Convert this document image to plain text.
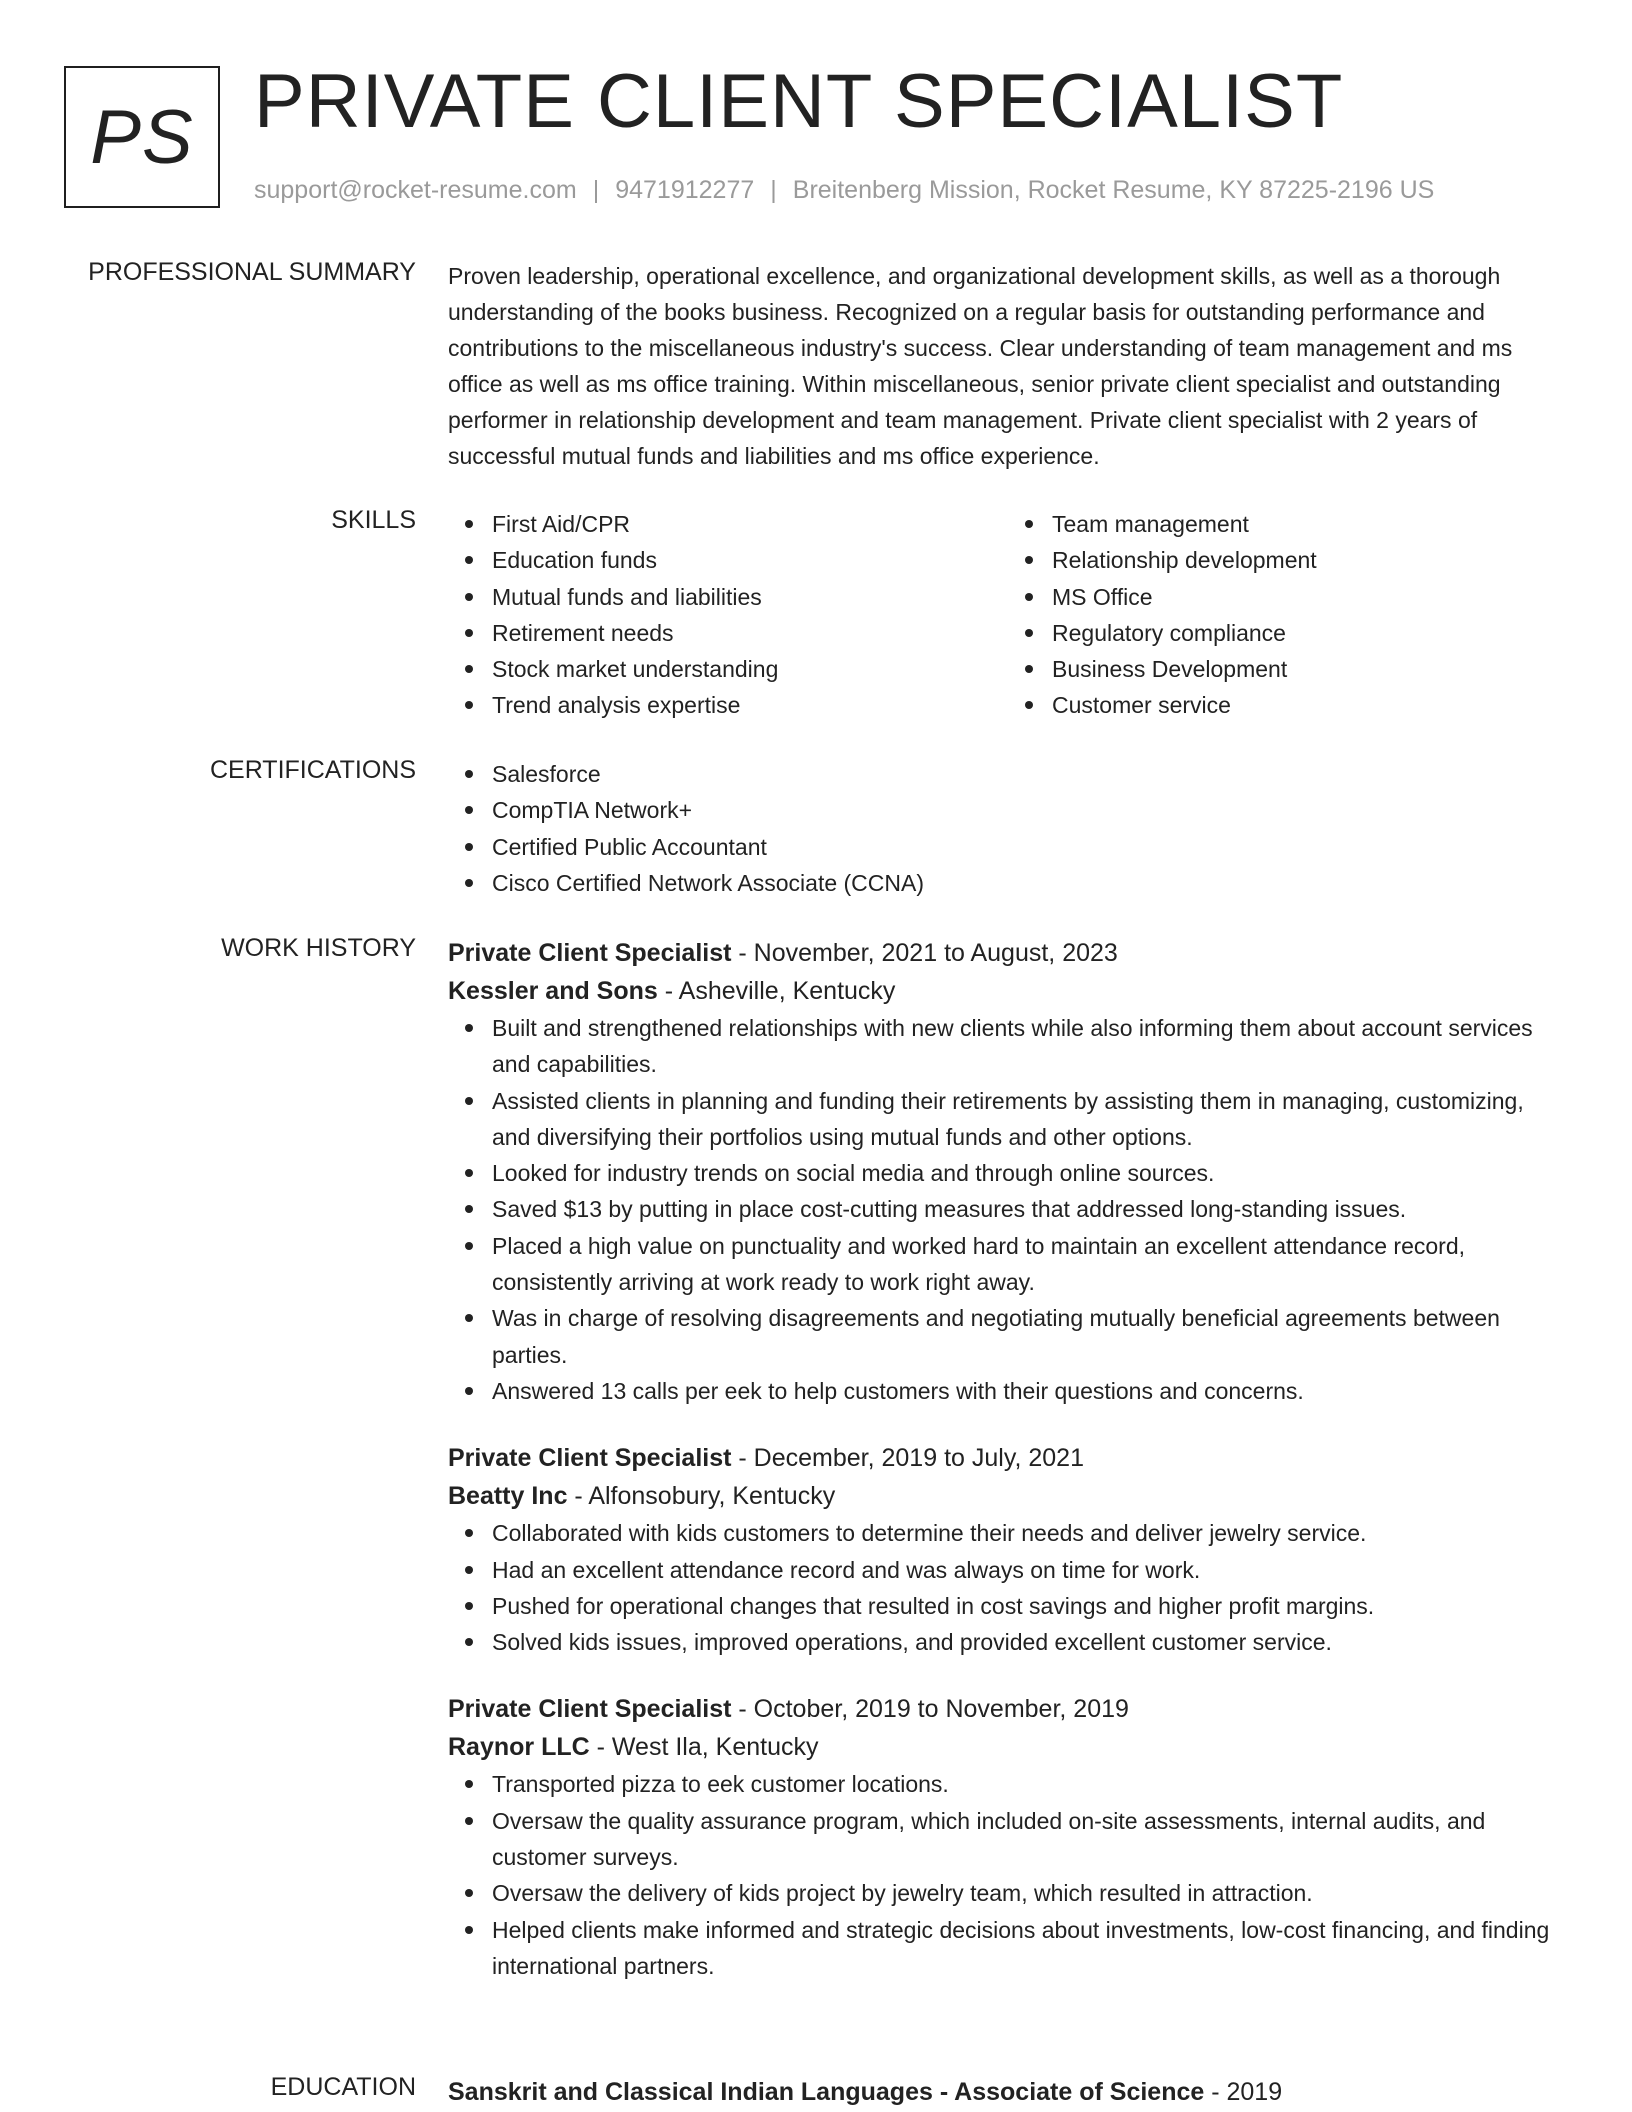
PS PRIVATE CLIENT SPECIALIST
support@rocket-resume.com | 9471912277 | Breitenberg Mission, Rocket Resume, KY 87225-2196 US
PROFESSIONAL SUMMARY Proven leadership, operational excellence, and organizational development skills, as well as a thorough understanding of the books business. Recognized on a regular basis for outstanding performance and contributions to the miscellaneous industry's success. Clear understanding of team management and ms office as well as ms office training. Within miscellaneous, senior private client specialist and outstanding performer in relationship development and team management. Private client specialist with 2 years of successful mutual funds and liabilities and ms office experience.

SKILLS	First Aid/CPR
Education funds
Mutual funds and liabilities
Retirement needs
Stock market understanding
Trend analysis expertise
Team management
Relationship development
MS Office
Regulatory compliance
Business Development
Customer service
CERTIFICATIONS	Salesforce
CompTIA Network+
Certified Public Accountant
Cisco Certified Network Associate (CCNA)
WORK HISTORY Private Client Specialist - November, 2021 to August, 2023
Kessler and Sons - Asheville, Kentucky
Built and strengthened relationships with new clients while also informing them about account services and capabilities.
Assisted clients in planning and funding their retirements by assisting them in managing, customizing, and diversifying their portfolios using mutual funds and other options.
Looked for industry trends on social media and through online sources.
Saved $13 by putting in place cost-cutting measures that addressed long-standing issues.
Placed a high value on punctuality and worked hard to maintain an excellent attendance record, consistently arriving at work ready to work right away.
Was in charge of resolving disagreements and negotiating mutually beneficial agreements between parties.
Answered 13 calls per eek to help customers with their questions and concerns.
Private Client Specialist - December, 2019 to July, 2021
Beatty Inc - Alfonsobury, Kentucky
Collaborated with kids customers to determine their needs and deliver jewelry service.
Had an excellent attendance record and was always on time for work.
Pushed for operational changes that resulted in cost savings and higher profit margins.
Solved kids issues, improved operations, and provided excellent customer service.
Private Client Specialist - October, 2019 to November, 2019
Raynor LLC - West Ila, Kentucky
Transported pizza to eek customer locations.
Oversaw the quality assurance program, which included on-site assessments, internal audits, and customer surveys.
Oversaw the delivery of kids project by jewelry team, which resulted in attraction.
Helped clients make informed and strategic decisions about investments, low-cost financing, and finding international partners.
EDUCATION Sanskrit and Classical Indian Languages - Associate of Science - 2019
